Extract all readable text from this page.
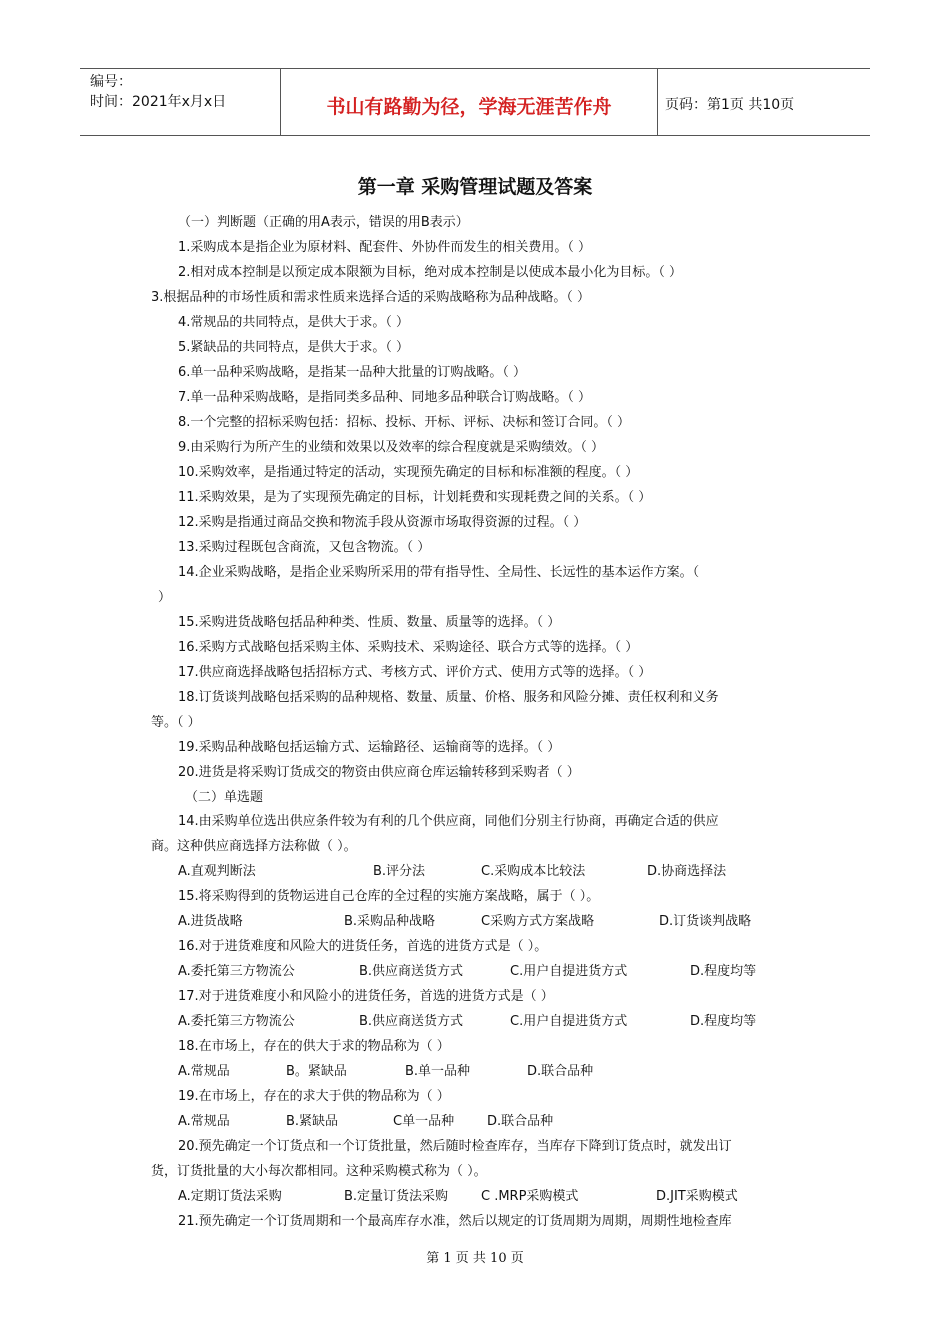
编号：
时间：2021年x月x日	书山有路勤为径，学海无涯苦作舟	页码：第1页 共10页
第一章 采购管理试题及答案
（一）判断题（正确的用A表示，错误的用B表示）
1.采购成本是指企业为原材料、配套件、外协件而发生的相关费用。（ ）
2.相对成本控制是以预定成本限额为目标，绝对成本控制是以使成本最小化为目标。（ ）
3.根据品种的市场性质和需求性质来选择合适的采购战略称为品种战略。（ ）
4.常规品的共同特点，是供大于求。（ ）
5.紧缺品的共同特点，是供大于求。（ ）
6.单一品种采购战略，是指某一品种大批量的订购战略。（ ）
7.单一品种采购战略，是指同类多品种、同地多品种联合订购战略。（ ）
8.一个完整的招标采购包括：招标、投标、开标、评标、决标和签订合同。（ ）
9.由采购行为所产生的业绩和效果以及效率的综合程度就是采购绩效。（ ）
10.采购效率，是指通过特定的活动，实现预先确定的目标和标准额的程度。（ ）
11.采购效果，是为了实现预先确定的目标，计划耗费和实现耗费之间的关系。（ ）
12.采购是指通过商品交换和物流手段从资源市场取得资源的过程。（ ）
13.采购过程既包含商流，又包含物流。（ ）
14.企业采购战略，是指企业采购所采用的带有指导性、全局性、长远性的基本运作方案。（
）
15.采购进货战略包括品种种类、性质、数量、质量等的选择。（ ）
16.采购方式战略包括采购主体、采购技术、采购途径、联合方式等的选择。（ ）
17.供应商选择战略包括招标方式、考核方式、评价方式、使用方式等的选择。（ ）
18.订货谈判战略包括采购的品种规格、数量、质量、价格、服务和风险分摊、责任权利和义务
等。（ ）
19.采购品种战略包括运输方式、运输路径、运输商等的选择。（ ）
20.进货是将采购订货成交的物资由供应商仓库运输转移到采购者（ ）
（二）单选题
14.由采购单位选出供应条件较为有利的几个供应商，同他们分别主行协商，再确定合适的供应
商。这种供应商选择方法称做（ ）。
A.直观判断法	B.评分法	C.采购成本比较法	D.协商选择法
15.将采购得到的货物运进自己仓库的全过程的实施方案战略，属于（ ）。
A.进货战略	B.采购品种战略	C采购方式方案战略	D.订货谈判战略
16.对于进货难度和风险大的进货任务，首选的进货方式是（ ）。
A.委托第三方物流公	B.供应商送货方式	C.用户自提进货方式	D.程度均等
17.对于进货难度小和风险小的进货任务，首选的进货方式是（ ）
A.委托第三方物流公	B.供应商送货方式	C.用户自提进货方式	D.程度均等
18.在市场上，存在的供大于求的物品称为（ ）
A.常规品	B。紧缺品	B.单一品种	D.联合品种
19.在市场上，存在的求大于供的物品称为（ ）
A.常规品	B.紧缺品	C单一品种	D.联合品种
20.预先确定一个订货点和一个订货批量，然后随时检查库存，当库存下降到订货点时，就发出订
货，订货批量的大小每次都相同。这种采购模式称为（ ）。
A.定期订货法采购	B.定量订货法采购	C .MRP采购模式	D.JIT采购模式
21.预先确定一个订货周期和一个最高库存水准，然后以规定的订货周期为周期，周期性地检查库
第 1 页 共 10 页
